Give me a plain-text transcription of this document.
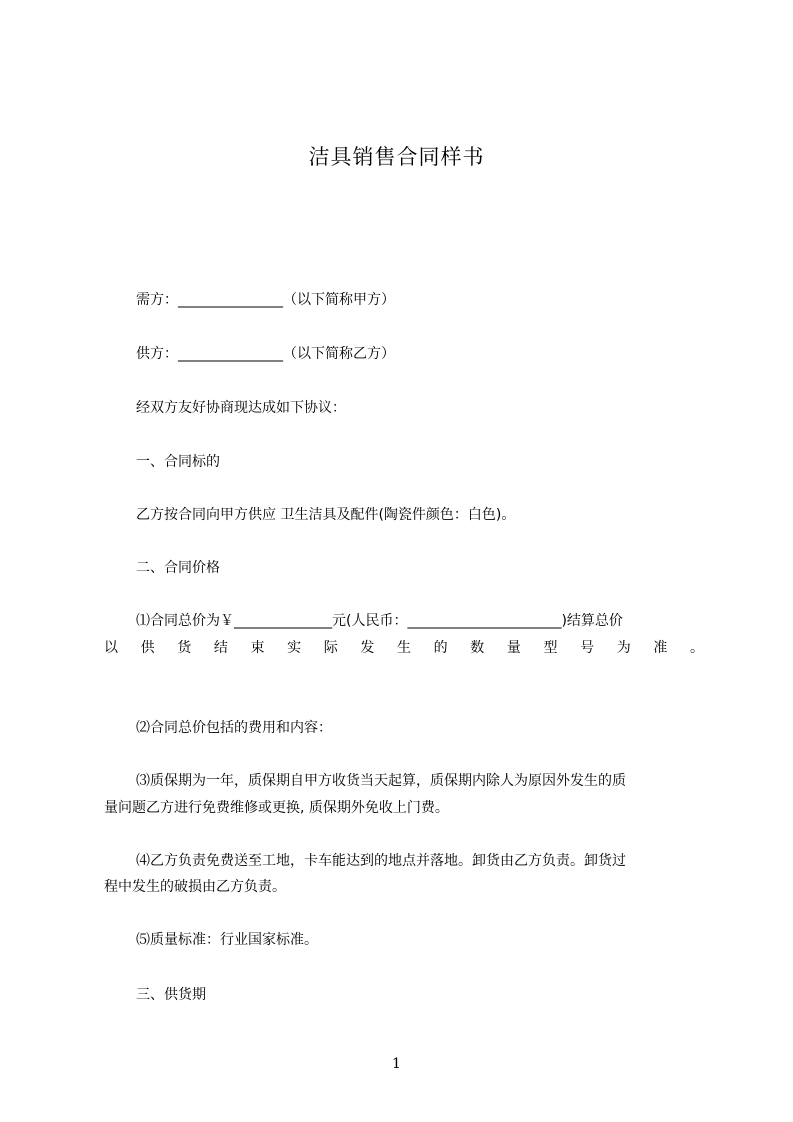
洁具销售合同样书
需方：_______________（以下简称甲方）
供方：_______________（以下简称乙方）
经双方友好协商现达成如下协议：
一、合同标的
乙方按合同向甲方供应 卫生洁具及配件(陶瓷件颜色：白色)。
二、合同价格
⑴合同总价为￥______________元(人民币：______________________)结算总价
以 供 货 结 束 实 际 发 生 的 数 量 型 号 为 准 。
⑵合同总价包括的费用和内容：
⑶质保期为一年，质保期自甲方收货当天起算，质保期内除人为原因外发生的质
量问题乙方进行免费维修或更换, 质保期外免收上门费。
⑷乙方负责免费送至工地，卡车能达到的地点并落地。卸货由乙方负责。卸货过
程中发生的破损由乙方负责。
⑸质量标准：行业国家标准。
三、供货期
1
